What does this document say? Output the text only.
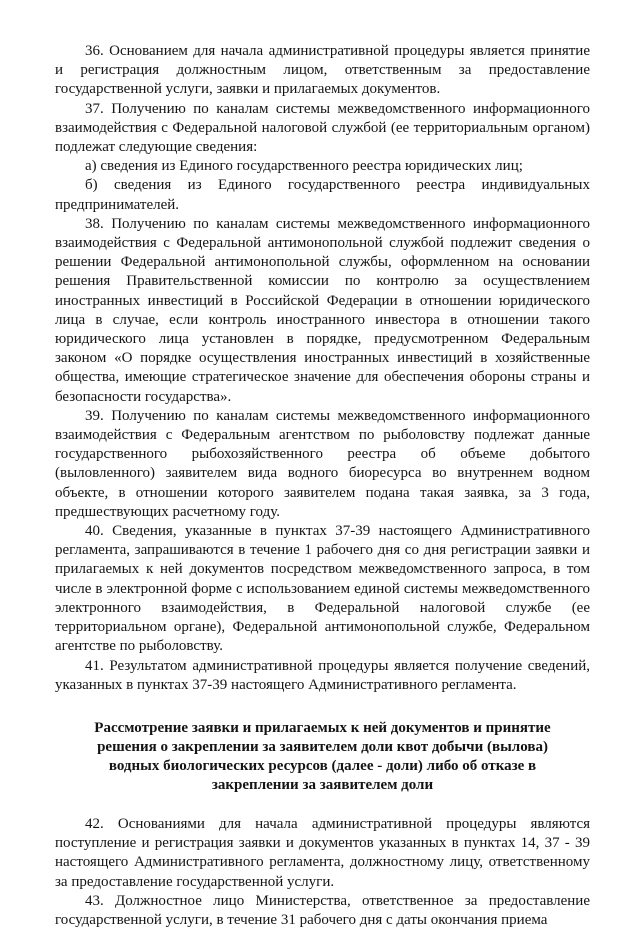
36. Основанием для начала административной процедуры является принятие и регистрация должностным лицом, ответственным за предоставление государственной услуги, заявки и прилагаемых документов.

37. Получению по каналам системы межведомственного информационного взаимодействия с Федеральной налоговой службой (ее территориальным органом) подлежат следующие сведения:

а) сведения из Единого государственного реестра юридических лиц;

б) сведения из Единого государственного реестра индивидуальных предпринимателей.

38. Получению по каналам системы межведомственного информационного взаимодействия с Федеральной антимонопольной службой подлежит сведения о решении Федеральной антимонопольной службы, оформленном на основании решения Правительственной комиссии по контролю за осуществлением иностранных инвестиций в Российской Федерации в отношении юридического лица в случае, если контроль иностранного инвестора в отношении такого юридического лица установлен в порядке, предусмотренном Федеральным законом «О порядке осуществления иностранных инвестиций в хозяйственные общества, имеющие стратегическое значение для обеспечения обороны страны и безопасности государства».

39. Получению по каналам системы межведомственного информационного взаимодействия с Федеральным агентством по рыболовству подлежат данные государственного рыбохозяйственного реестра об объеме добытого (выловленного) заявителем вида водного биоресурса во внутреннем водном объекте, в отношении которого заявителем подана такая заявка, за 3 года, предшествующих расчетному году.

40. Сведения, указанные в пунктах 37-39 настоящего Административного регламента, запрашиваются в течение 1 рабочего дня со дня регистрации заявки и прилагаемых к ней документов посредством межведомственного запроса, в том числе в электронной форме с использованием единой системы межведомственного электронного взаимодействия, в Федеральной налоговой службе (ее территориальном органе), Федеральной антимонопольной службе, Федеральном агентстве по рыболовству.

41. Результатом административной процедуры является получение сведений, указанных в пунктах 37-39 настоящего Административного регламента.

Рассмотрение заявки и прилагаемых к ней документов и принятие решения о закреплении за заявителем доли квот добычи (вылова) водных биологических ресурсов (далее - доли) либо об отказе в закреплении за заявителем доли

42. Основаниями для начала административной процедуры являются поступление и регистрация заявки и документов указанных в пунктах 14, 37 - 39 настоящего Административного регламента, должностному лицу, ответственному за предоставление государственной услуги.

43. Должностное лицо Министерства, ответственное за предоставление государственной услуги, в течение 31 рабочего дня с даты окончания приема
